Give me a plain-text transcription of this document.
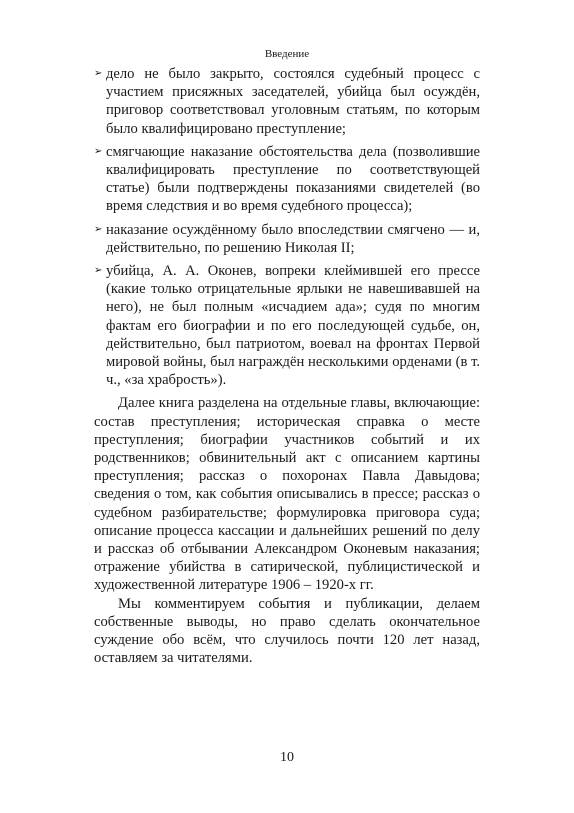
Введение
➢ дело не было закрыто, состоялся судебный процесс с участием присяжных заседателей, убийца был осуждён, приговор соответствовал уголовным статьям, по которым было квалифицировано преступление;
➢ смягчающие наказание обстоятельства дела (позволившие квалифицировать преступление по соответствующей статье) были подтверждены показаниями свидетелей (во время следствия и во время судебного процесса);
➢ наказание осуждённому было впоследствии смягчено — и, действительно, по решению Николая II;
➢ убийца, А. А. Оконев, вопреки клеймившей его прессе (какие только отрицательные ярлыки не навешивавшей на него), не был полным «исчадием ада»; судя по многим фактам его биографии и по его последующей судьбе, он, действительно, был патриотом, воевал на фронтах Первой мировой войны, был награждён несколькими орденами (в т. ч., «за храбрость»).

Далее книга разделена на отдельные главы, включающие: состав преступления; историческая справка о месте преступления; биографии участников событий и их родственников; обвинительный акт с описанием картины преступления; рассказ о похоронах Павла Давыдова; сведения о том, как события описывались в прессе; рассказ о судебном разбирательстве; формулировка приговора суда; описание процесса кассации и дальнейших решений по делу и рассказ об отбывании Александром Оконевым наказания; отражение убийства в сатирической, публицистической и художественной литературе 1906 – 1920-х гг.

Мы комментируем события и публикации, делаем собственные выводы, но право сделать окончательное суждение обо всём, что случилось почти 120 лет назад, оставляем за читателями.

10
